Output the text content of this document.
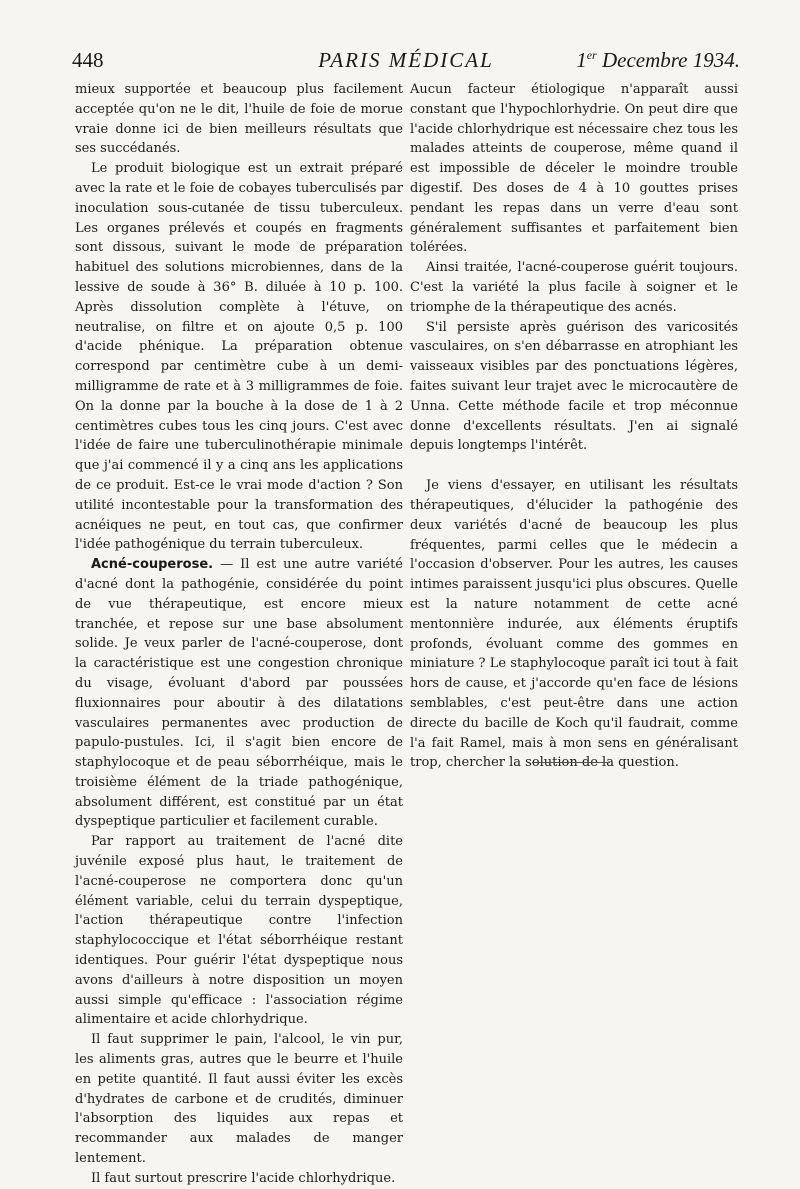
448	PARIS MÉDICAL	1er Decembre 1934.

mieux supportée et beaucoup plus facilement acceptée qu'on ne le dit, l'huile de foie de morue vraie donne ici de bien meilleurs résultats que ses succédanés.

Le produit biologique est un extrait préparé avec la rate et le foie de cobayes tuberculisés par inoculation sous-cutanée de tissu tuberculeux. Les organes prélevés et coupés en fragments sont dissous, suivant le mode de préparation habituel des solutions microbiennes, dans de la lessive de soude à 36° B. diluée à 10 p. 100. Après dissolution complète à l'étuve, on neutralise, on filtre et on ajoute 0,5 p. 100 d'acide phénique. La préparation obtenue correspond par centimètre cube à un demi-milligramme de rate et à 3 milligrammes de foie. On la donne par la bouche à la dose de 1 à 2 centimètres cubes tous les cinq jours. C'est avec l'idée de faire une tuberculinothérapie minimale que j'ai commencé il y a cinq ans les applications de ce produit. Est-ce le vrai mode d'action ? Son utilité incontestable pour la transformation des acnéiques ne peut, en tout cas, que confirmer l'idée pathogénique du terrain tuberculeux.

Acné-couperose. — Il est une autre variété d'acné dont la pathogénie, considérée du point de vue thérapeutique, est encore mieux tranchée, et repose sur une base absolument solide. Je veux parler de l'acné-couperose, dont la caractéristique est une congestion chronique du visage, évoluant d'abord par poussées fluxionnaires pour aboutir à des dilatations vasculaires permanentes avec production de papulo-pustules. Ici, il s'agit bien encore de staphylocoque et de peau séborrhéique, mais le troisième élément de la triade pathogénique, absolument différent, est constitué par un état dyspeptique particulier et facilement curable.

Par rapport au traitement de l'acné dite juvénile exposé plus haut, le traitement de l'acné-couperose ne comportera donc qu'un élément variable, celui du terrain dyspeptique, l'action thérapeutique contre l'infection staphylococcique et l'état séborrhéique restant identiques. Pour guérir l'état dyspeptique nous avons d'ailleurs à notre disposition un moyen aussi simple qu'efficace : l'association régime alimentaire et acide chlorhydrique.

Il faut supprimer le pain, l'alcool, le vin pur, les aliments gras, autres que le beurre et l'huile en petite quantité. Il faut aussi éviter les excès d'hydrates de carbone et de crudités, diminuer l'absorption des liquides aux repas et recommander aux malades de manger lentement.

Il faut surtout prescrire l'acide chlorhydrique.

Aucun facteur étiologique n'apparaît aussi constant que l'hypochlorhydrie. On peut dire que l'acide chlorhydrique est nécessaire chez tous les malades atteints de couperose, même quand il est impossible de déceler le moindre trouble digestif. Des doses de 4 à 10 gouttes prises pendant les repas dans un verre d'eau sont généralement suffisantes et parfaitement bien tolérées.

Ainsi traitée, l'acné-couperose guérit toujours. C'est la variété la plus facile à soigner et le triomphe de la thérapeutique des acnés.

S'il persiste après guérison des varicosités vasculaires, on s'en débarrasse en atrophiant les vaisseaux visibles par des ponctuations légères, faites suivant leur trajet avec le microcautère de Unna. Cette méthode facile et trop méconnue donne d'excellents résultats. J'en ai signalé depuis longtemps l'intérêt.

Je viens d'essayer, en utilisant les résultats thérapeutiques, d'élucider la pathogénie des deux variétés d'acné de beaucoup les plus fréquentes, parmi celles que le médecin a l'occasion d'observer. Pour les autres, les causes intimes paraissent jusqu'ici plus obscures. Quelle est la nature notamment de cette acné mentonnière indurée, aux éléments éruptifs profonds, évoluant comme des gommes en miniature ? Le staphylocoque paraît ici tout à fait hors de cause, et j'accorde qu'en face de lésions semblables, c'est peut-être dans une action directe du bacille de Koch qu'il faudrait, comme l'a fait Ramel, mais à mon sens en généralisant trop, chercher la solution de la question.
